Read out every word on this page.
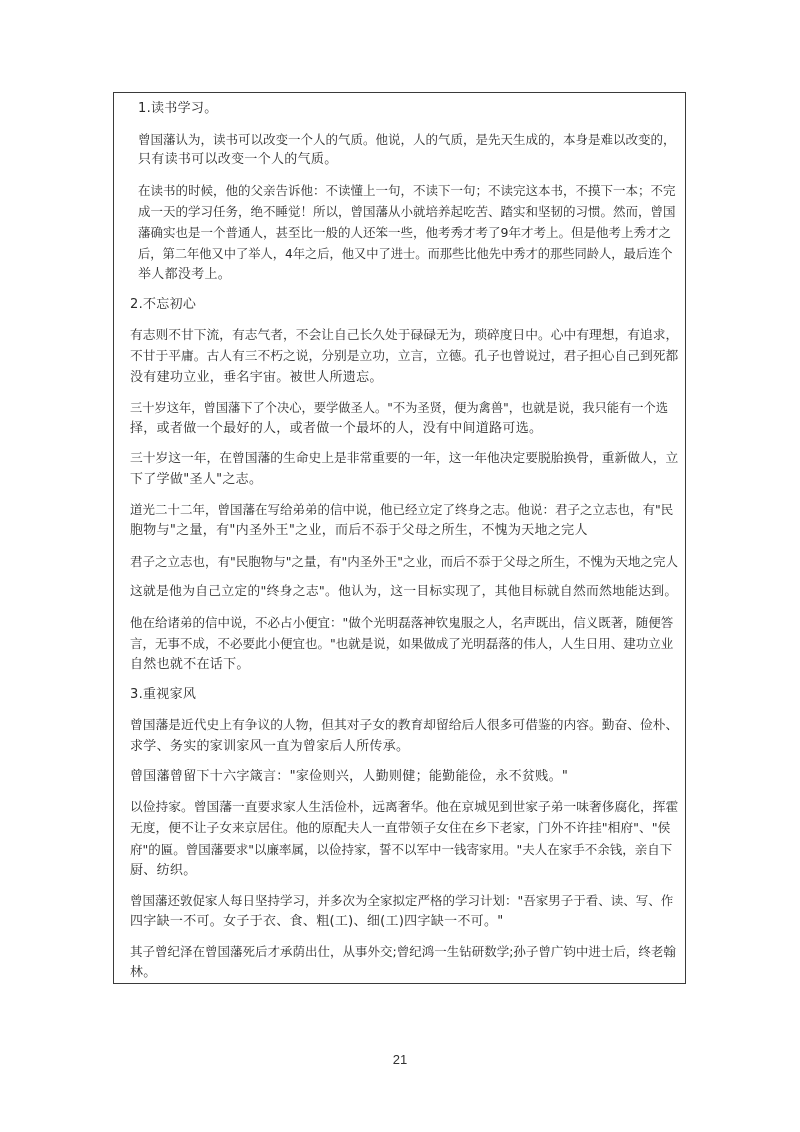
1.读书学习。

曾国藩认为，读书可以改变一个人的气质。他说，人的气质，是先天生成的，本身是难以改变的，

只有读书可以改变一个人的气质。

在读书的时候，他的父亲告诉他：不读懂上一句，不读下一句；不读完这本书，不摸下一本；不完

成一天的学习任务，绝不睡觉！所以，曾国藩从小就培养起吃苦、踏实和坚韧的习惯。然而，曾国

藩确实也是一个普通人，甚至比一般的人还笨一些，他考秀才考了9年才考上。但是他考上秀才之

后，第二年他又中了举人，4年之后，他又中了进士。而那些比他先中秀才的那些同龄人，最后连个

举人都没考上。

2.不忘初心

有志则不甘下流，有志气者，不会让自己长久处于碌碌无为，琐碎度日中。心中有理想，有追求，

不甘于平庸。古人有三不朽之说，分别是立功，立言，立德。孔子也曾说过，君子担心自己到死都

没有建功立业，垂名宇宙。被世人所遗忘。

三十岁这年，曾国藩下了个决心，要学做圣人。"不为圣贤，便为禽兽"，也就是说，我只能有一个选

择，或者做一个最好的人，或者做一个最坏的人，没有中间道路可选。

三十岁这一年，在曾国藩的生命史上是非常重要的一年，这一年他决定要脱胎换骨，重新做人，立

下了学做"圣人"之志。

道光二十二年，曾国藩在写给弟弟的信中说，他已经立定了终身之志。他说：君子之立志也，有"民

胞物与"之量，有"内圣外王"之业，而后不忝于父母之所生，不愧为天地之完人

君子之立志也，有"民胞物与"之量，有"内圣外王"之业，而后不忝于父母之所生，不愧为天地之完人

这就是他为自己立定的"终身之志"。他认为，这一目标实现了，其他目标就自然而然地能达到。

他在给诸弟的信中说，不必占小便宜："做个光明磊落神钦鬼服之人，名声既出，信义既著，随便答

言，无事不成，不必要此小便宜也。"也就是说，如果做成了光明磊落的伟人，人生日用、建功立业

自然也就不在话下。

3.重视家风

曾国藩是近代史上有争议的人物，但其对子女的教育却留给后人很多可借鉴的内容。勤奋、俭朴、

求学、务实的家训家风一直为曾家后人所传承。

曾国藩曾留下十六字箴言："家俭则兴，人勤则健；能勤能俭，永不贫贱。"

以俭持家。曾国藩一直要求家人生活俭朴，远离奢华。他在京城见到世家子弟一味奢侈腐化，挥霍

无度，便不让子女来京居住。他的原配夫人一直带领子女住在乡下老家，门外不许挂"相府"、"侯

府"的匾。曾国藩要求"以廉率属，以俭持家，誓不以军中一钱寄家用。"夫人在家手不余钱，亲自下

厨、纺织。

曾国藩还敦促家人每日坚持学习，并多次为全家拟定严格的学习计划："吾家男子于看、读、写、作

四字缺一不可。女子于衣、食、粗(工)、细(工)四字缺一不可。"

其子曾纪泽在曾国藩死后才承荫出仕，从事外交;曾纪鸿一生钻研数学;孙子曾广钧中进士后，终老翰

林。

21
